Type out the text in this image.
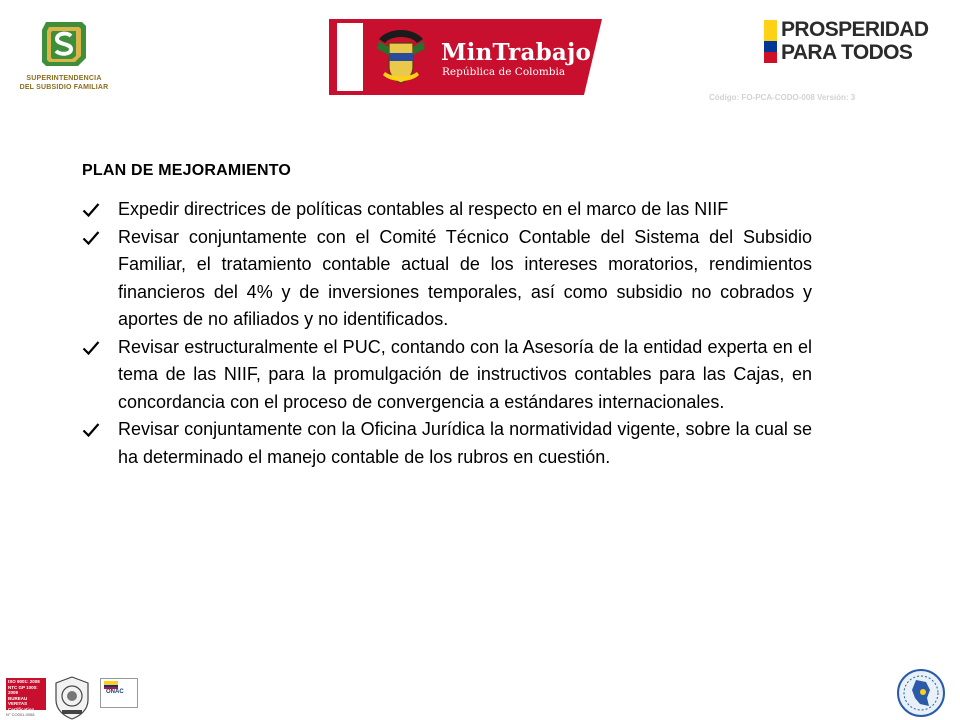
SUPERINTENDENCIA
DEL SUBSIDIO FAMILIAR
MinTrabajo
República de Colombia
PROSPERIDAD
PARA TODOS
Código: FO-PCA-CODO-008 Versión: 3
PLAN DE MEJORAMIENTO
Expedir directrices de políticas contables al respecto en el marco de las NIIF
Revisar conjuntamente con el Comité Técnico Contable del Sistema del Subsidio Familiar, el tratamiento contable actual de los intereses moratorios, rendimientos financieros del 4% y de inversiones temporales, así como subsidio no cobrados y aportes de no afiliados y no identificados.
Revisar estructuralmente el PUC, contando con la Asesoría de la entidad experta en el tema de las NIIF, para la promulgación de instructivos contables para las Cajas, en concordancia con el proceso de convergencia a estándares internacionales.
Revisar conjuntamente con la Oficina Jurídica la normatividad vigente, sobre la cual se ha determinado el manejo contable de los rubros en cuestión.
ISO 9001: 2008
NTC GP 1000: 2009
BUREAU VERITAS
Certification
N° CO001-0058
ONAC
